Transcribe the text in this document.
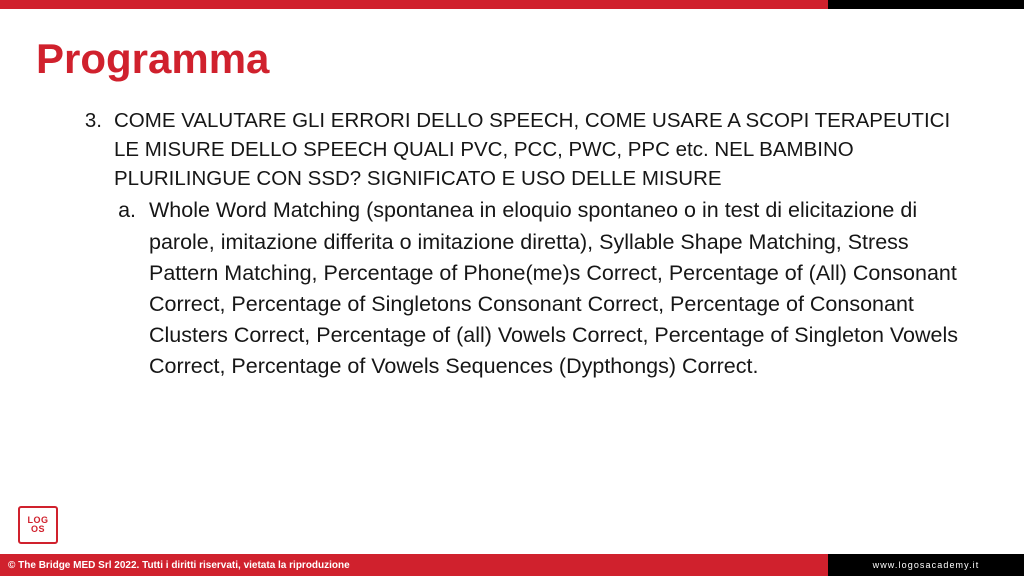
Programma
3. COME VALUTARE GLI ERRORI DELLO SPEECH, COME USARE A SCOPI TERAPEUTICI LE MISURE DELLO SPEECH QUALI PVC, PCC, PWC, PPC etc. NEL BAMBINO PLURILINGUE CON SSD? SIGNIFICATO E USO DELLE MISURE
a. Whole Word Matching (spontanea in eloquio spontaneo o in test di elicitazione di parole, imitazione differita o imitazione diretta), Syllable Shape Matching, Stress Pattern Matching, Percentage of Phone(me)s Correct, Percentage of (All) Consonant Correct, Percentage of Singletons Consonant Correct, Percentage of Consonant Clusters Correct, Percentage of (all) Vowels Correct, Percentage of Singleton Vowels Correct, Percentage of Vowels Sequences (Dypthongs) Correct.
LOG
OS
© The Bridge MED Srl 2022. Tutti i diritti riservati, vietata la riproduzione	www.logosacademy.it
